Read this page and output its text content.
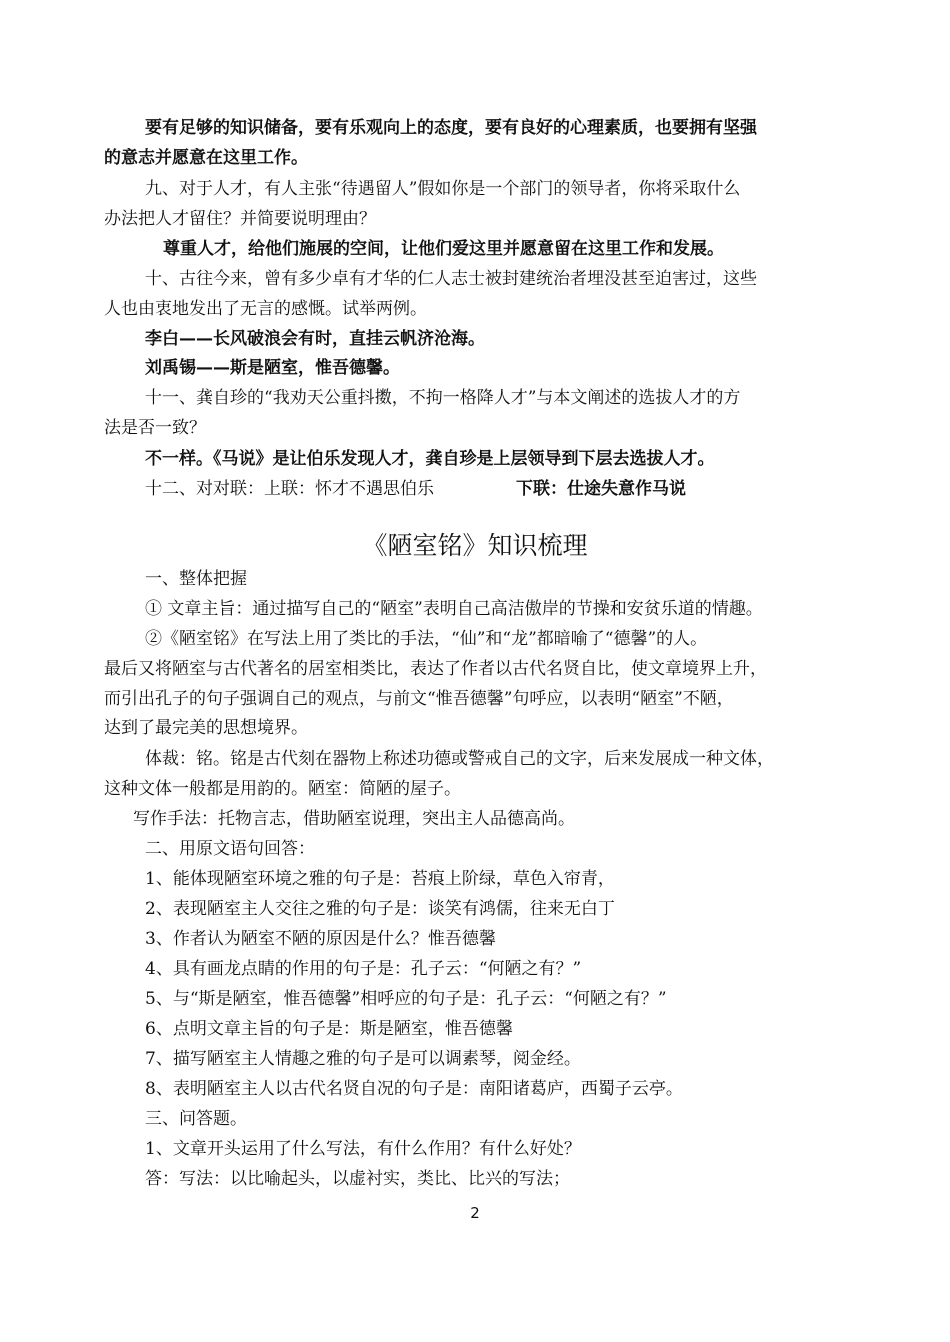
要有足够的知识储备，要有乐观向上的态度，要有良好的心理素质，也要拥有坚强
的意志并愿意在这里工作。
九、对于人才，有人主张“待遇留人”假如你是一个部门的领导者，你将采取什么
办法把人才留住？并简要说明理由？
尊重人才，给他们施展的空间，让他们爱这里并愿意留在这里工作和发展。
十、古往今来，曾有多少卓有才华的仁人志士被封建统治者埋没甚至迫害过，这些
人也由衷地发出了无言的感慨。试举两例。
李白——长风破浪会有时，直挂云帆济沧海。
刘禹锡——斯是陋室，惟吾德馨。
十一、龚自珍的“我劝天公重抖擞，不拘一格降人才”与本文阐述的选拔人才的方
法是否一致？
不一样。《马说》是让伯乐发现人才，龚自珍是上层领导到下层去选拔人才。
十二、对对联：上联：怀才不遇思伯乐	下联：仕途失意作马说
《陋室铭》知识梳理
一、整体把握
① 文章主旨：通过描写自己的“陋室”表明自己高洁傲岸的节操和安贫乐道的情趣。
②《陋室铭》在写法上用了类比的手法，“仙”和“龙”都暗喻了“德馨”的人。
最后又将陋室与古代著名的居室相类比，表达了作者以古代名贤自比，使文章境界上升，
而引出孔子的句子强调自己的观点，与前文“惟吾德馨”句呼应，以表明“陋室”不陋，
达到了最完美的思想境界。
体裁：铭。铭是古代刻在器物上称述功德或警戒自己的文字，后来发展成一种文体，
这种文体一般都是用韵的。陋室：简陋的屋子。
写作手法：托物言志，借助陋室说理，突出主人品德高尚。
二、用原文语句回答：
1、能体现陋室环境之雅的句子是：苔痕上阶绿，草色入帘青，
2、表现陋室主人交往之雅的句子是：谈笑有鸿儒，往来无白丁
3、作者认为陋室不陋的原因是什么？惟吾德馨
4、具有画龙点睛的作用的句子是：孔子云：“何陋之有？”
5、与“斯是陋室，惟吾德馨”相呼应的句子是：孔子云：“何陋之有？”
6、点明文章主旨的句子是：斯是陋室，惟吾德馨
7、描写陋室主人情趣之雅的句子是可以调素琴，阅金经。
8、表明陋室主人以古代名贤自况的句子是：南阳诸葛庐，西蜀子云亭。
三、问答题。
1、文章开头运用了什么写法，有什么作用？有什么好处？
答：写法：以比喻起头，以虚衬实，类比、比兴的写法；
2
